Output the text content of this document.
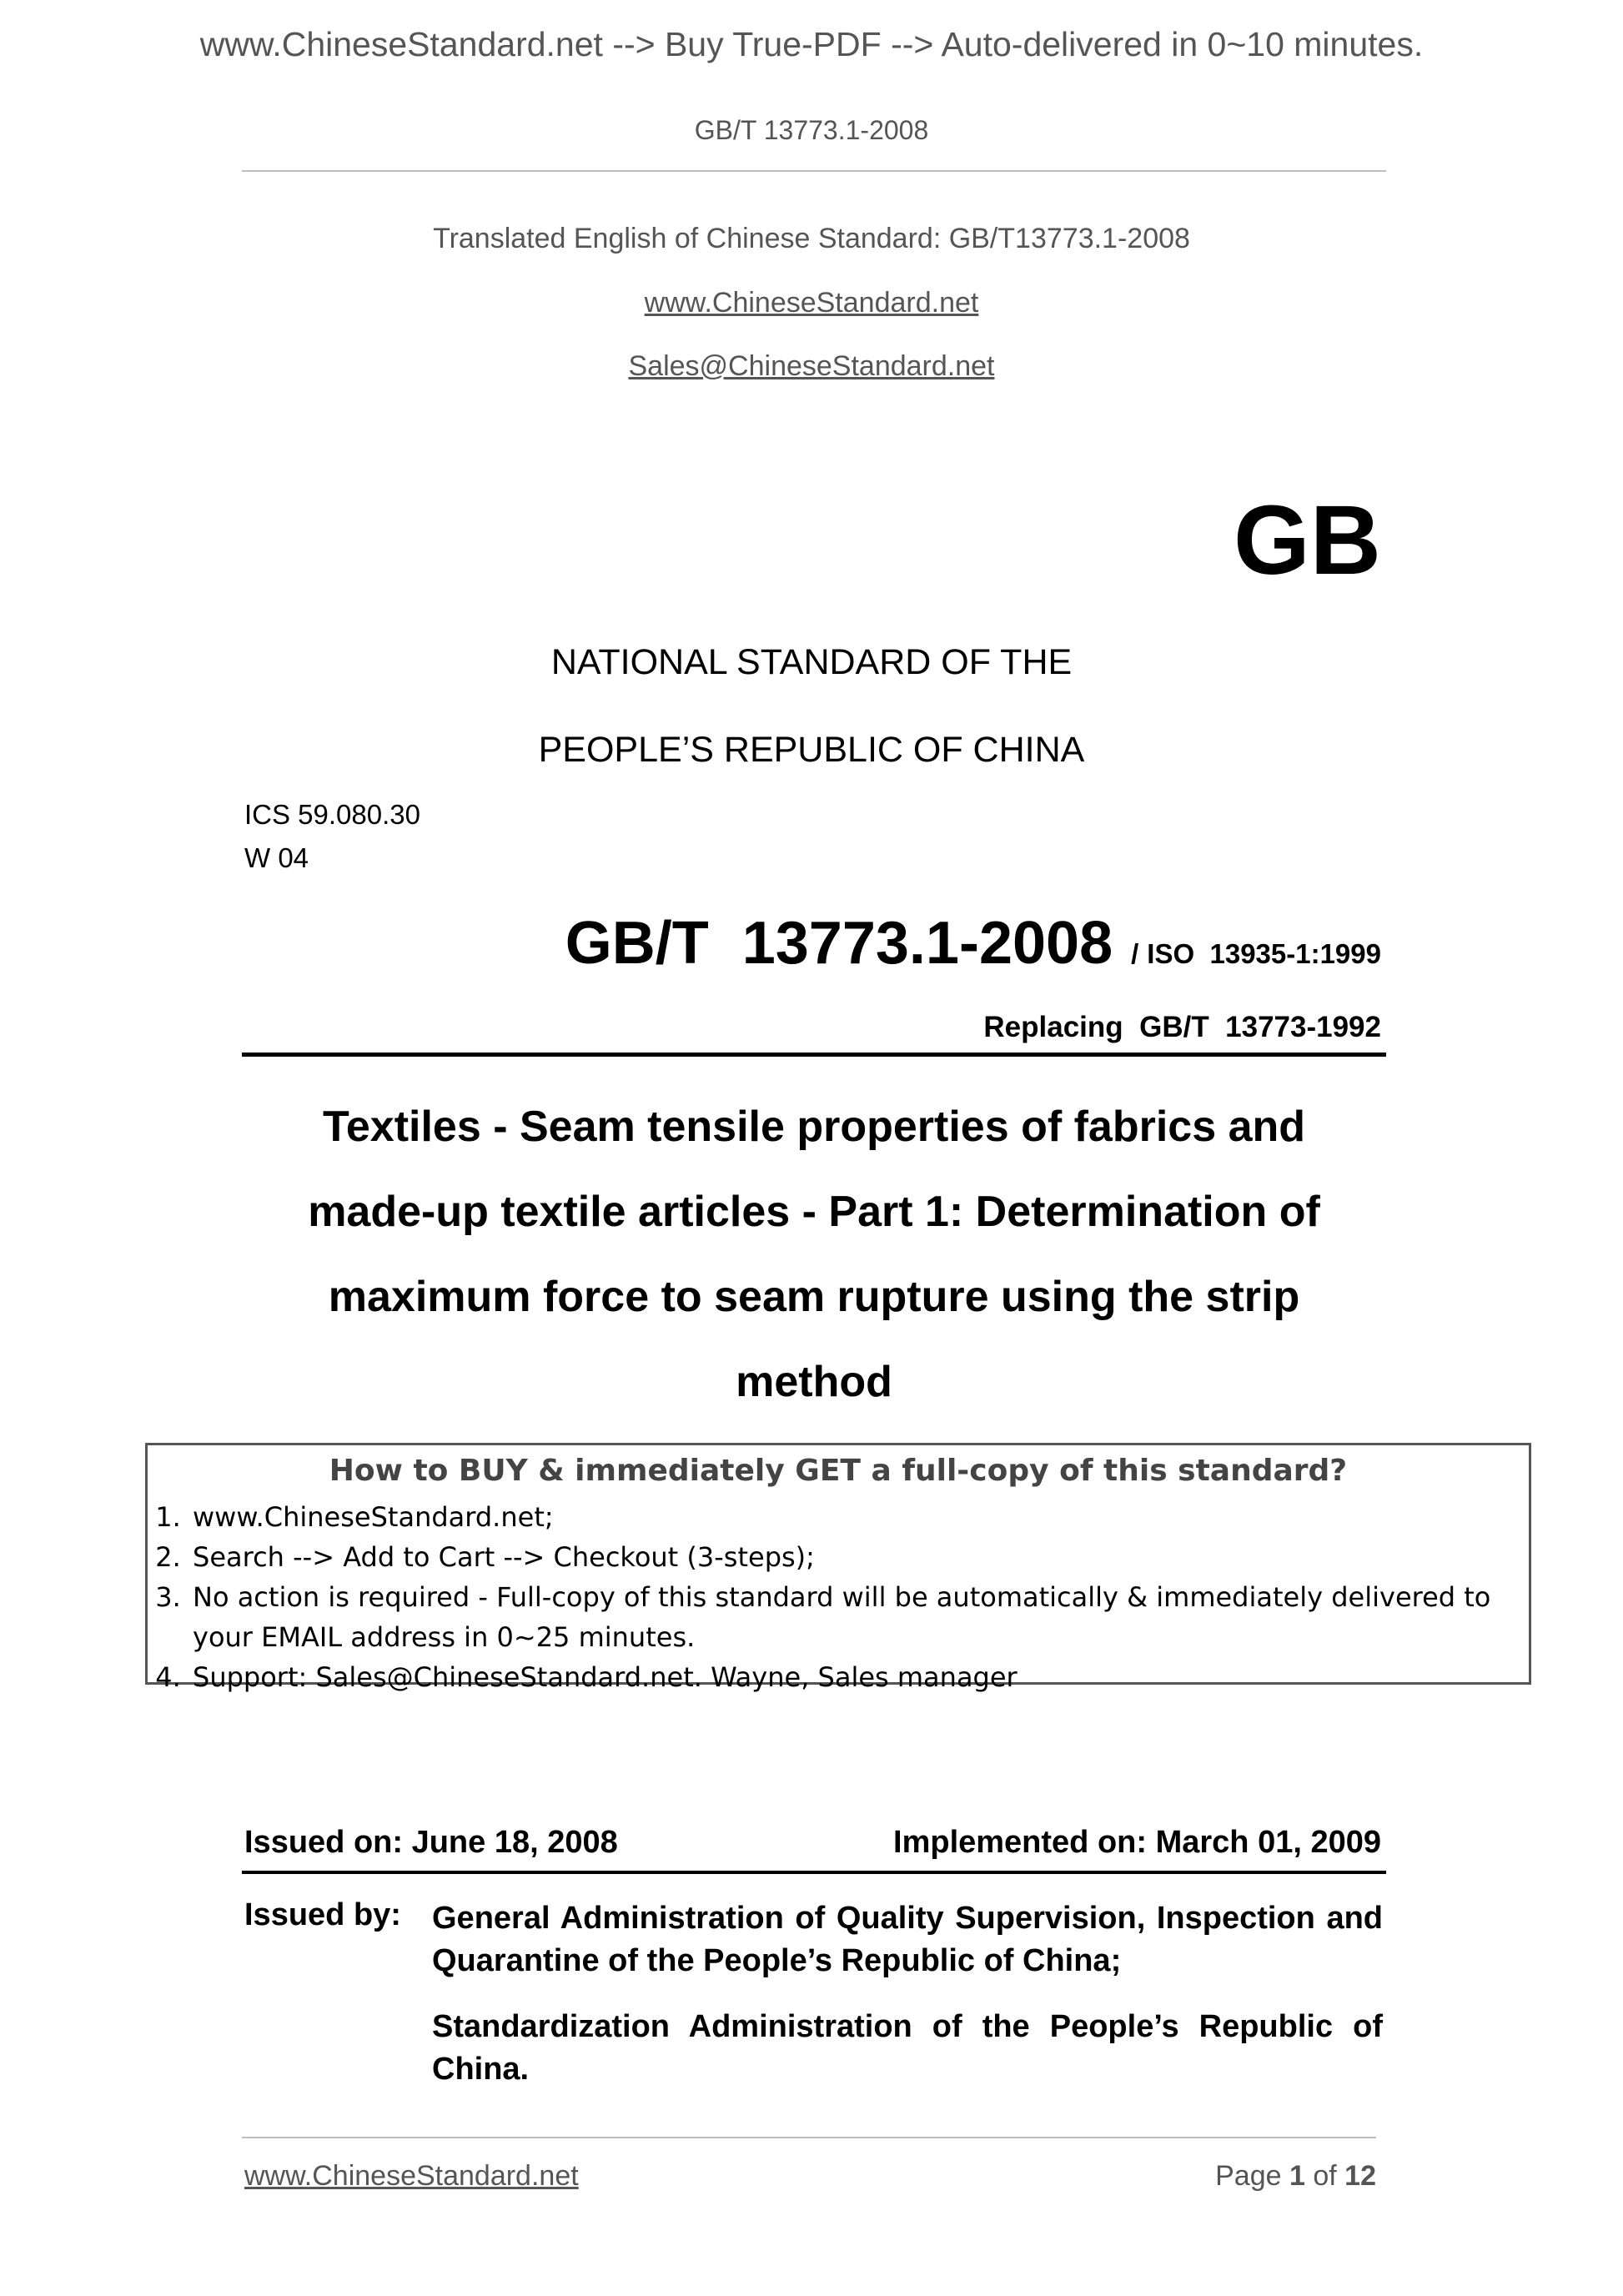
www.ChineseStandard.net --> Buy True-PDF --> Auto-delivered in 0~10 minutes.
GB/T 13773.1-2008
Translated English of Chinese Standard: GB/T13773.1-2008
www.ChineseStandard.net
Sales@ChineseStandard.net
GB
NATIONAL STANDARD OF THE
PEOPLE’S REPUBLIC OF CHINA
ICS 59.080.30
W 04
GB/T  13773.1-2008 / ISO  13935-1:1999
Replacing  GB/T  13773-1992
Textiles - Seam tensile properties of fabrics and
made-up textile articles - Part 1: Determination of
maximum force to seam rupture using the strip
method
How to BUY & immediately GET a full-copy of this standard?
1. www.ChineseStandard.net;
2. Search --> Add to Cart --> Checkout (3-steps);
3. No action is required - Full-copy of this standard will be automatically & immediately delivered to your EMAIL address in 0~25 minutes.
4. Support: Sales@ChineseStandard.net. Wayne, Sales manager
Issued on: June 18, 2008	Implemented on: March 01, 2009
Issued by: General Administration of Quality Supervision, Inspection and Quarantine of the People’s Republic of China;

Standardization Administration of the People’s Republic of China.

www.ChineseStandard.net	Page 1 of 12
